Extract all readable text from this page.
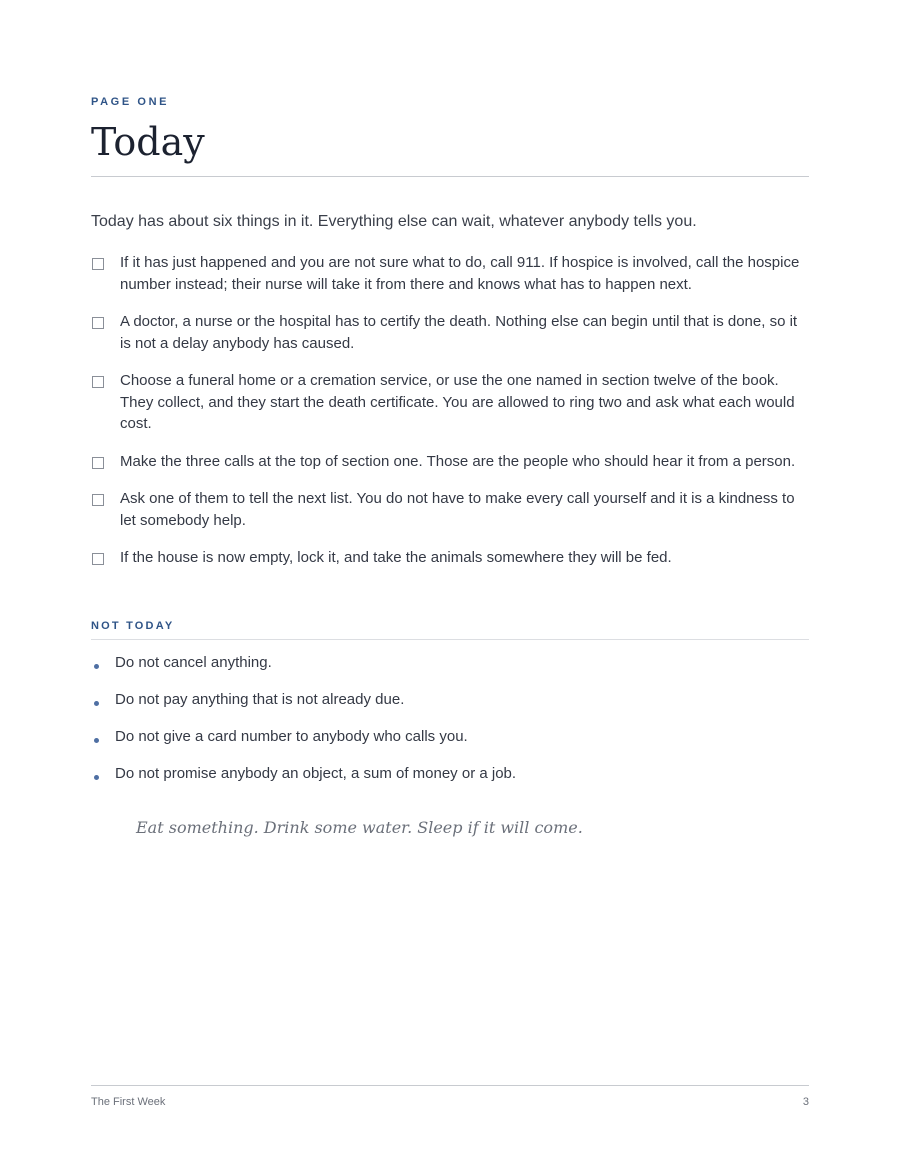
PAGE ONE
Today

Today has about six things in it. Everything else can wait, whatever anybody tells you.

If it has just happened and you are not sure what to do, call 911. If hospice is involved, call the hospice number instead; their nurse will take it from there and knows what has to happen next.
A doctor, a nurse or the hospital has to certify the death. Nothing else can begin until that is done, so it is not a delay anybody has caused.
Choose a funeral home or a cremation service, or use the one named in section twelve of the book. They collect, and they start the death certificate. You are allowed to ring two and ask what each would cost.
Make the three calls at the top of section one. Those are the people who should hear it from a person.
Ask one of them to tell the next list. You do not have to make every call yourself and it is a kindness to let somebody help.
If the house is now empty, lock it, and take the animals somewhere they will be fed.
NOT TODAY
Do not cancel anything.
Do not pay anything that is not already due.
Do not give a card number to anybody who calls you.
Do not promise anybody an object, a sum of money or a job.
Eat something. Drink some water. Sleep if it will come.
The First Week	3
